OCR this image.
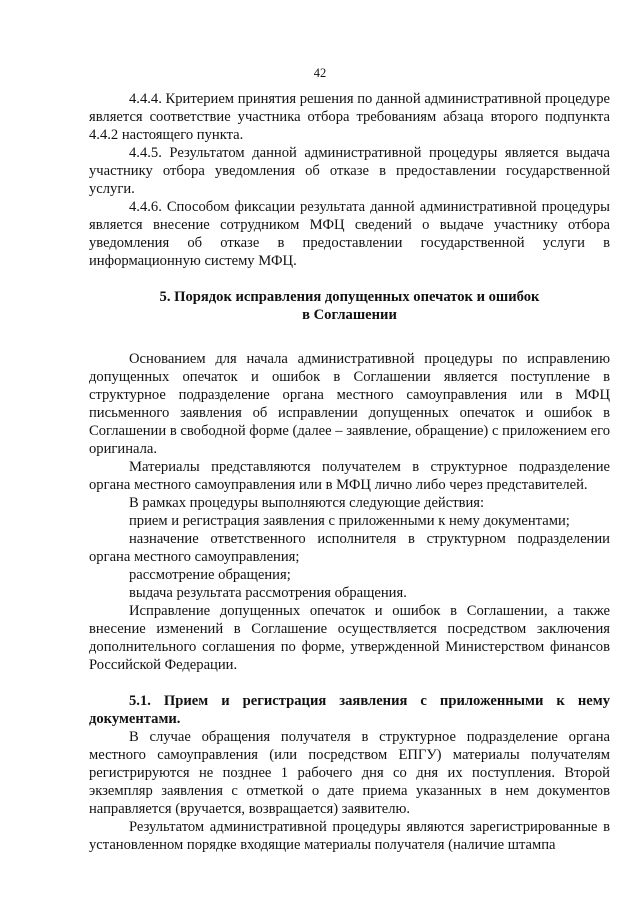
42

4.4.4. Критерием принятия решения по данной административной процедуре является соответствие участника отбора требованиям абзаца второго подпункта 4.4.2 настоящего пункта.

4.4.5. Результатом данной административной процедуры является выдача участнику отбора уведомления об отказе в предоставлении государственной услуги.

4.4.6. Способом фиксации результата данной административной процедуры является внесение сотрудником МФЦ сведений о выдаче участнику отбора уведомления об отказе в предоставлении государственной услуги в информационную систему МФЦ.

5. Порядок исправления допущенных опечаток и ошибок
в Соглашении

Основанием для начала административной процедуры по исправлению допущенных опечаток и ошибок в Соглашении является поступление в структурное подразделение органа местного самоуправления или в МФЦ письменного заявления об исправлении допущенных опечаток и ошибок в Соглашении в свободной форме (далее – заявление, обращение) с приложением его оригинала.

Материалы представляются получателем в структурное подразделение органа местного самоуправления или в МФЦ лично либо через представителей.

В рамках процедуры выполняются следующие действия:

прием и регистрация заявления с приложенными к нему документами;

назначение ответственного исполнителя в структурном подразделении органа местного самоуправления;

рассмотрение обращения;

выдача результата рассмотрения обращения.

Исправление допущенных опечаток и ошибок в Соглашении, а также внесение изменений в Соглашение осуществляется посредством заключения дополнительного соглашения по форме, утвержденной Министерством финансов Российской Федерации.

5.1. Прием и регистрация заявления с приложенными к нему документами.

В случае обращения получателя в структурное подразделение органа местного самоуправления (или посредством ЕПГУ) материалы получателям регистрируются не позднее 1 рабочего дня со дня их поступления. Второй экземпляр заявления с отметкой о дате приема указанных в нем документов направляется (вручается, возвращается) заявителю.

Результатом административной процедуры являются зарегистрированные в установленном порядке входящие материалы получателя (наличие штампа
